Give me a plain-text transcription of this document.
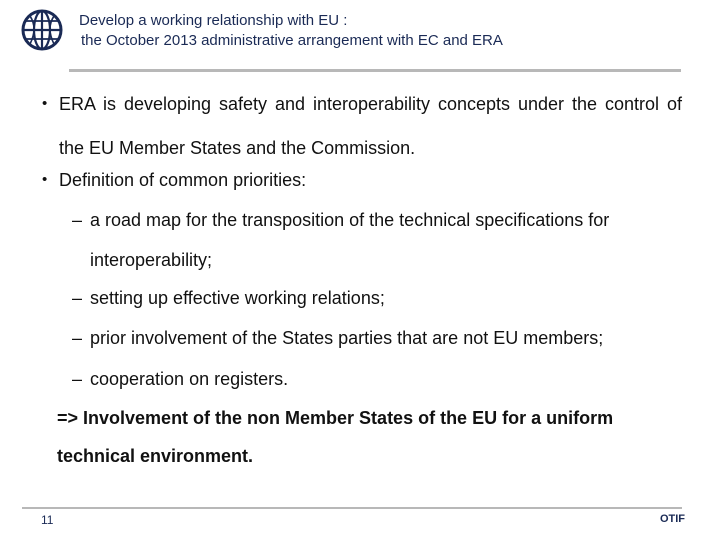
Develop a working relationship with EU :
the October 2013 administrative arrangement with EC and ERA
• ERA is developing safety and interoperability concepts under the control of the EU Member States and the Commission.
• Definition of common priorities:
– a road map for the transposition of the technical specifications for interoperability;
– setting up effective working relations;
– prior involvement of the States parties that are not EU members;
– cooperation on registers.
=> Involvement of the non Member States of the EU for a uniform technical environment.
11	OTIF
